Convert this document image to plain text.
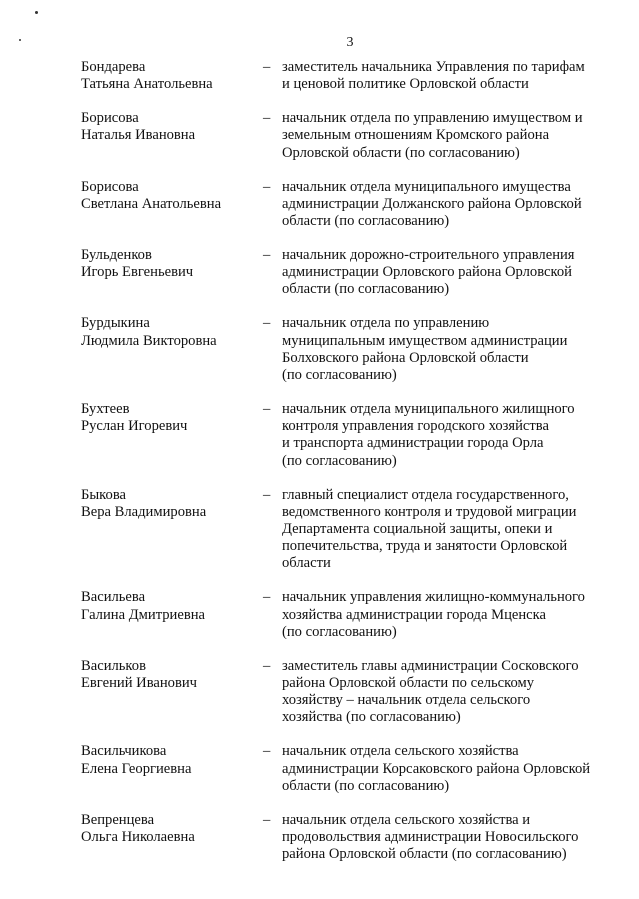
3
Бондарева
Татьяна Анатольевна
– заместитель начальника Управления по тарифам
и ценовой политике Орловской области
Борисова
Наталья Ивановна
– начальник отдела по управлению имуществом и
земельным отношениям Кромского района
Орловской области (по согласованию)
Борисова
Светлана Анатольевна
– начальник отдела муниципального имущества
администрации Должанского района Орловской
области (по согласованию)
Бульденков
Игорь Евгеньевич
– начальник дорожно-строительного управления
администрации Орловского района Орловской
области (по согласованию)
Бурдыкина
Людмила Викторовна
– начальник отдела по управлению
муниципальным имуществом администрации
Болховского района Орловской области
(по согласованию)
Бухтеев
Руслан Игоревич
– начальник отдела муниципального жилищного
контроля управления городского хозяйства
и транспорта администрации города Орла
(по согласованию)
Быкова
Вера Владимировна
– главный специалист отдела государственного,
ведомственного контроля и трудовой миграции
Департамента социальной защиты, опеки и
попечительства, труда и занятости Орловской
области
Васильева
Галина Дмитриевна
– начальник управления жилищно-коммунального
хозяйства администрации города Мценска
(по согласованию)
Васильков
Евгений Иванович
– заместитель главы администрации Сосковского
района Орловской области по сельскому
хозяйству – начальник отдела сельского
хозяйства (по согласованию)
Васильчикова
Елена Георгиевна
– начальник отдела сельского хозяйства
администрации Корсаковского района Орловской
области (по согласованию)
Вепренцева
Ольга Николаевна
– начальник отдела сельского хозяйства и
продовольствия администрации Новосильского
района Орловской области (по согласованию)
